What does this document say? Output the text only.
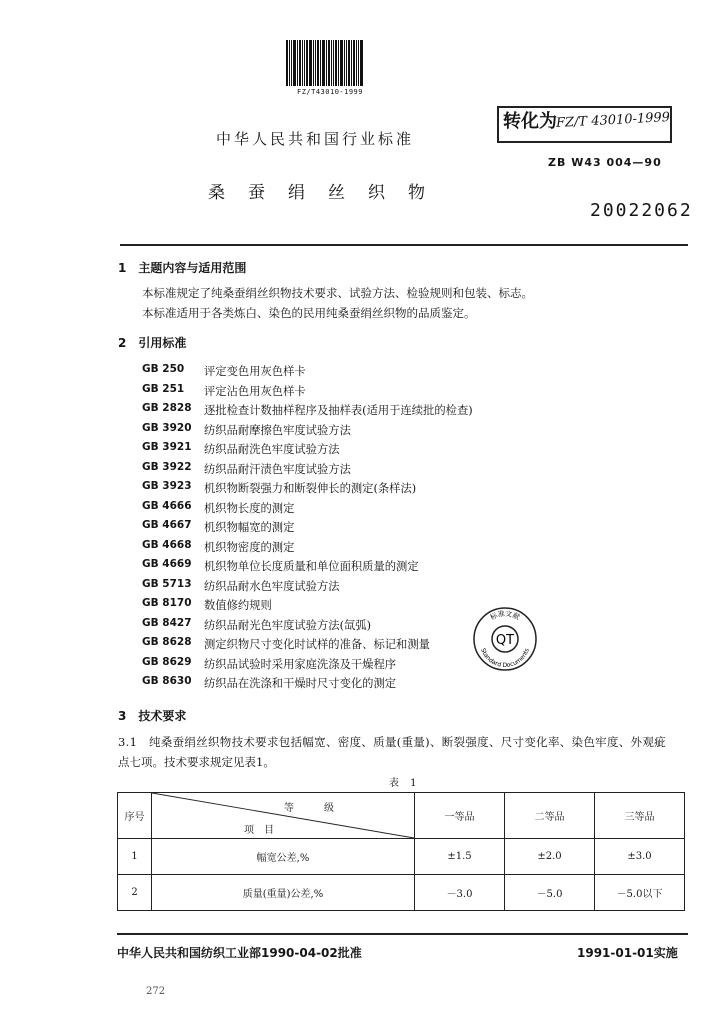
FZ/T43010-1999
中华人民共和国行业标准
转化为
FZ/T 43010-1999
ZB W43 004—90
桑蚕绢丝织物
20022062
1　主题内容与适用范围
本标准规定了纯桑蚕绢丝织物技术要求、试验方法、检验规则和包装、标志。
本标准适用于各类炼白、染色的民用纯桑蚕绢丝织物的品质鉴定。
2　引用标准
GB 250	评定变色用灰色样卡
GB 251	评定沾色用灰色样卡
GB 2828	逐批检查计数抽样程序及抽样表(适用于连续批的检查)
GB 3920	纺织品耐摩擦色牢度试验方法
GB 3921	纺织品耐洗色牢度试验方法
GB 3922	纺织品耐汗渍色牢度试验方法
GB 3923	机织物断裂强力和断裂伸长的测定(条样法)
GB 4666	机织物长度的测定
GB 4667	机织物幅宽的测定
GB 4668	机织物密度的测定
GB 4669	机织物单位长度质量和单位面积质量的测定
GB 5713	纺织品耐水色牢度试验方法
GB 8170	数值修约规则
GB 8427	纺织品耐光色牢度试验方法(氙弧)
GB 8628	测定织物尺寸变化时试样的准备、标记和测量
GB 8629	纺织品试验时采用家庭洗涤及干燥程序
GB 8630	纺织品在洗涤和干燥时尺寸变化的测定
QT
标准文献
Standard Documents
3　技术要求
3.1　纯桑蚕绢丝织物技术要求包括幅宽、密度、质量(重量)、断裂强度、尺寸变化率、染色牢度、外观疵
点七项。技术要求规定见表1。
表 1
序号	等　　　级
项　目	一等品	二等品	三等品
1	幅宽公差,%	±1.5	±2.0	±3.0
2	质量(重量)公差,%	－3.0	－5.0	－5.0以下
中华人民共和国纺织工业部1990-04-02批准	1991-01-01实施
272
